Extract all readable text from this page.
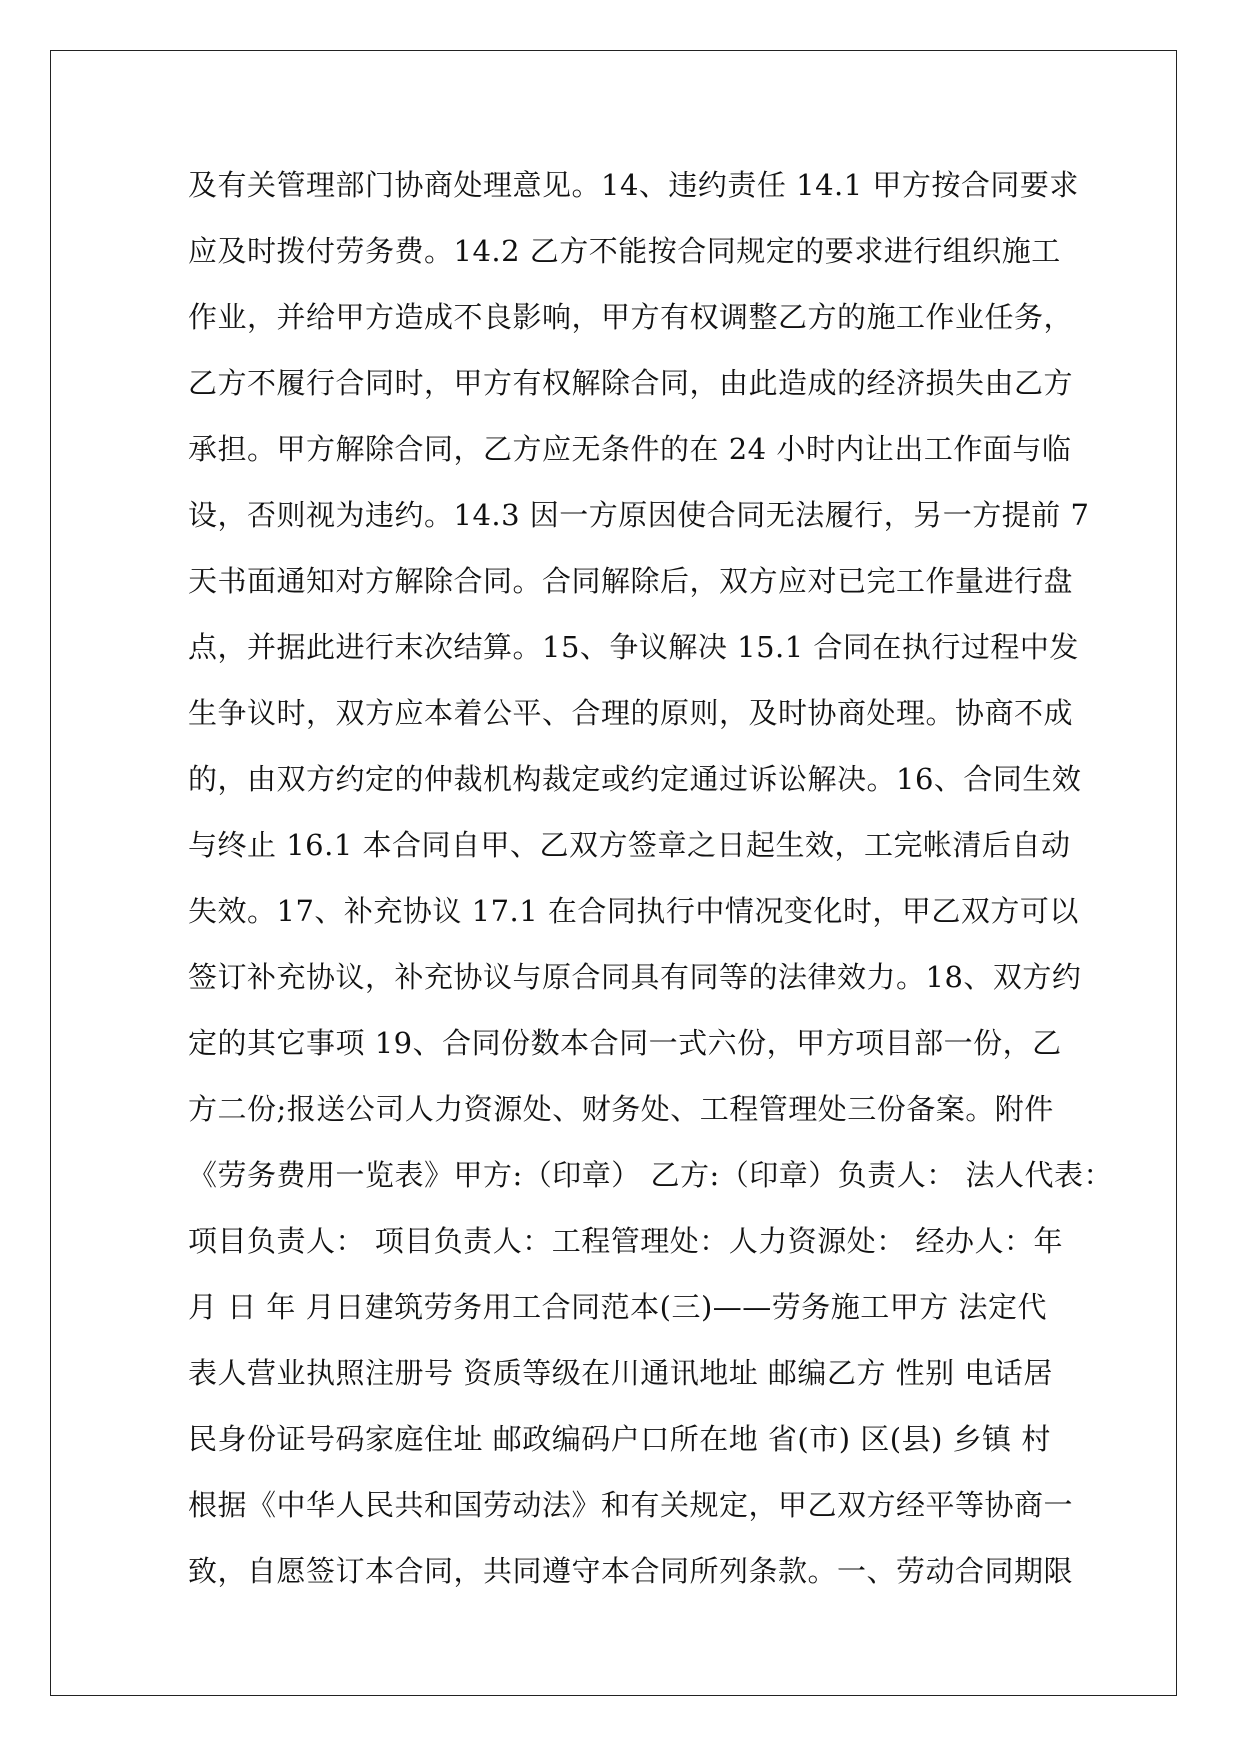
及有关管理部门协商处理意见。14、违约责任 14.1 甲方按合同要求
应及时拨付劳务费。14.2 乙方不能按合同规定的要求进行组织施工
作业，并给甲方造成不良影响，甲方有权调整乙方的施工作业任务，
乙方不履行合同时，甲方有权解除合同，由此造成的经济损失由乙方
承担。甲方解除合同，乙方应无条件的在 24 小时内让出工作面与临
设，否则视为违约。14.3 因一方原因使合同无法履行，另一方提前 7
天书面通知对方解除合同。合同解除后，双方应对已完工作量进行盘
点，并据此进行末次结算。15、争议解决 15.1 合同在执行过程中发
生争议时，双方应本着公平、合理的原则，及时协商处理。协商不成
的，由双方约定的仲裁机构裁定或约定通过诉讼解决。16、合同生效
与终止 16.1 本合同自甲、乙双方签章之日起生效，工完帐清后自动
失效。17、补充协议 17.1 在合同执行中情况变化时，甲乙双方可以
签订补充协议，补充协议与原合同具有同等的法律效力。18、双方约
定的其它事项 19、合同份数本合同一式六份，甲方项目部一份，乙
方二份;报送公司人力资源处、财务处、工程管理处三份备案。附件
《劳务费用一览表》甲方:（印章） 乙方:（印章）负责人： 法人代表：
项目负责人： 项目负责人：工程管理处：人力资源处： 经办人：年
月 日 年 月日建筑劳务用工合同范本(三)——劳务施工甲方 法定代
表人营业执照注册号 资质等级在川通讯地址 邮编乙方 性别 电话居
民身份证号码家庭住址 邮政编码户口所在地 省(市) 区(县) 乡镇 村
根据《中华人民共和国劳动法》和有关规定，甲乙双方经平等协商一
致，自愿签订本合同，共同遵守本合同所列条款。一、劳动合同期限
